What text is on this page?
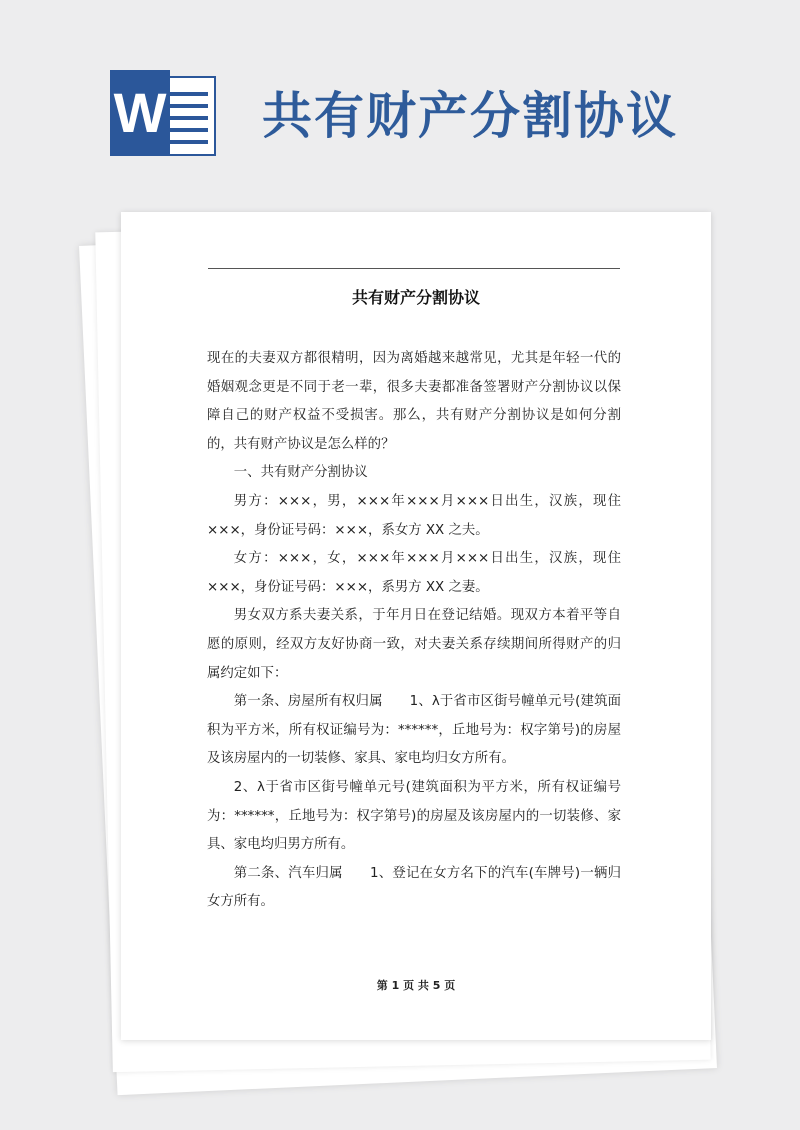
W 共有财产分割协议
共有财产分割协议

现在的夫妻双方都很精明，因为离婚越来越常见，尤其是年轻一代的婚姻观念更是不同于老一辈，很多夫妻都准备签署财产分割协议以保障自己的财产权益不受损害。那么，共有财产分割协议是如何分割的，共有财产协议是怎么样的？

一、共有财产分割协议

男方：×××，男，×××年×××月×××日出生，汉族，现住×××，身份证号码：×××，系女方 XX 之夫。

女方：×××，女，×××年×××月×××日出生，汉族，现住×××，身份证号码：×××，系男方 XX 之妻。

男女双方系夫妻关系，于年月日在登记结婚。现双方本着平等自愿的原则，经双方友好协商一致，对夫妻关系存续期间所得财产的归属约定如下：

第一条、房屋所有权归属　　1、λ于省市区街号幢单元号(建筑面积为平方米，所有权证编号为：******，丘地号为：权字第号)的房屋及该房屋内的一切装修、家具、家电均归女方所有。

2、λ于省市区街号幢单元号(建筑面积为平方米，所有权证编号为：******，丘地号为：权字第号)的房屋及该房屋内的一切装修、家具、家电均归男方所有。

第二条、汽车归属　　1、登记在女方名下的汽车(车牌号)一辆归女方所有。

第 1 页 共 5 页
